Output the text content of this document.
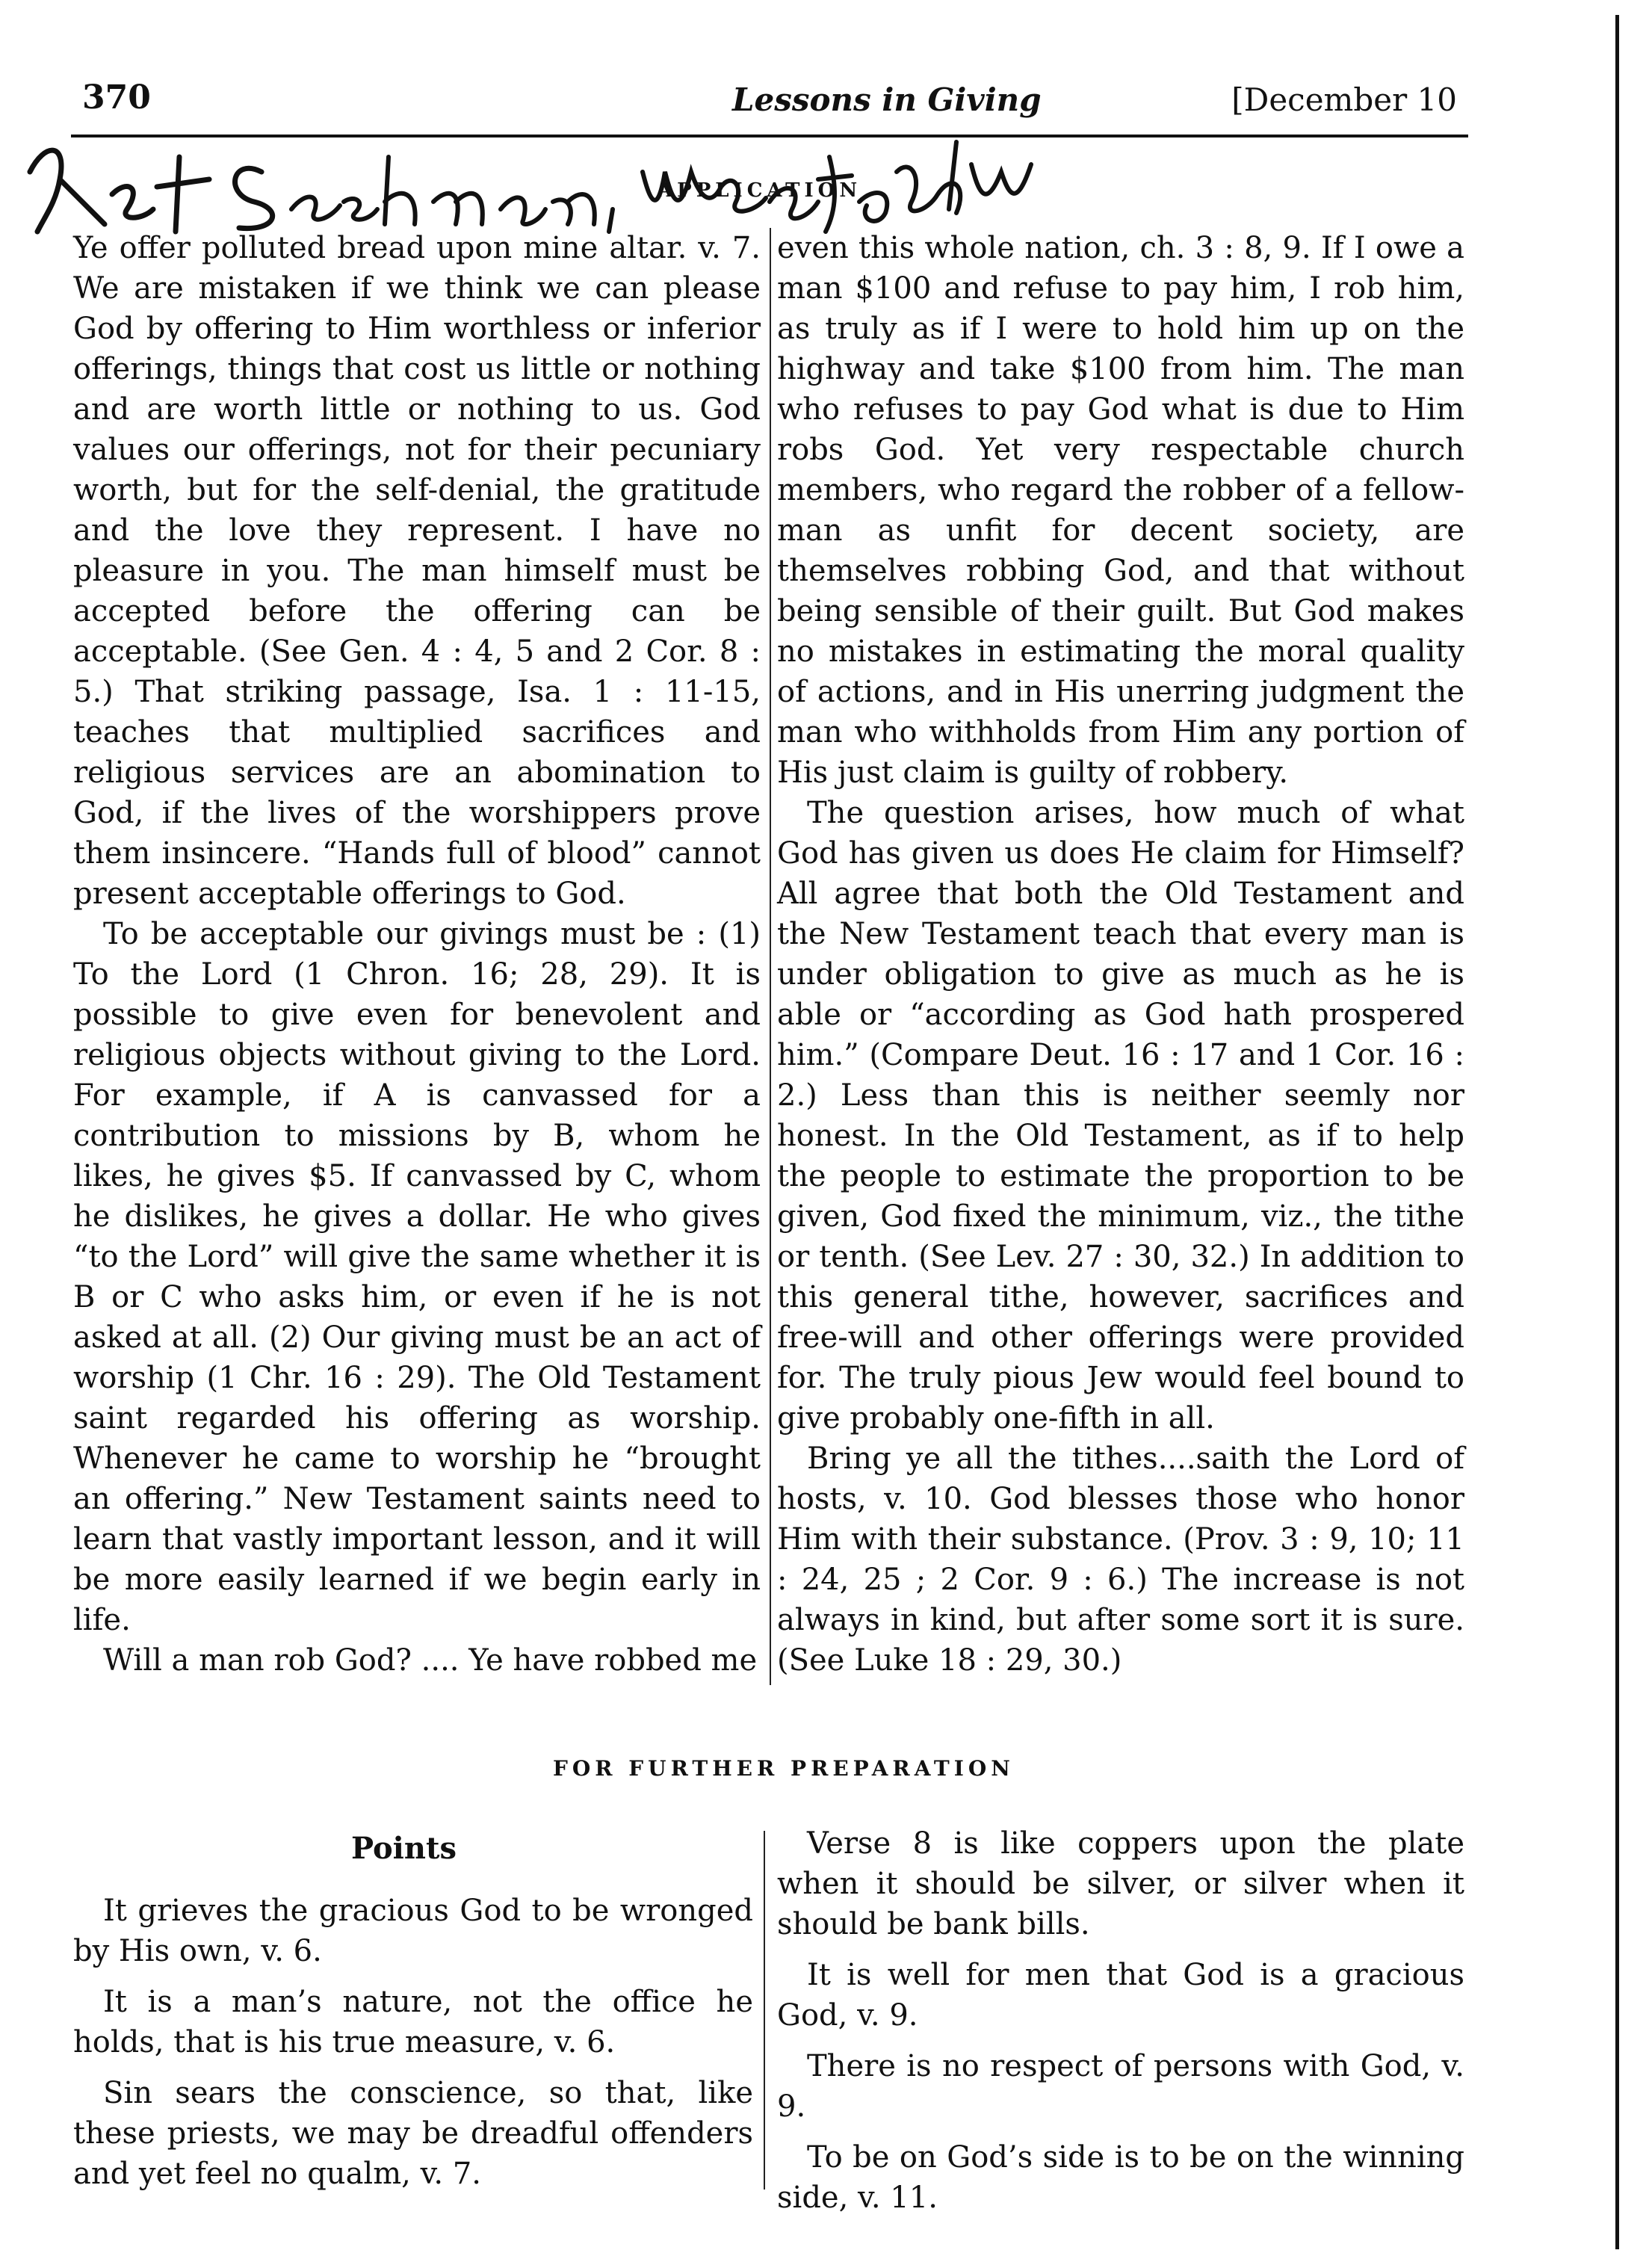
370	Lessons in Giving	[December 10
APPLICATION

Ye offer polluted bread upon mine altar. v. 7. We are mistaken if we think we can please God by offering to Him worthless or inferior offerings, things that cost us little or nothing and are worth little or nothing to us. God values our offerings, not for their pecuniary worth, but for the self-denial, the gratitude and the love they represent. I have no pleasure in you. The man himself must be accepted before the offering can be acceptable. (See Gen. 4 : 4, 5 and 2 Cor. 8 : 5.) That striking passage, Isa. 1 : 11-15, teaches that multiplied sacrifices and religious services are an abomination to God, if the lives of the worshippers prove them insincere. “Hands full of blood” cannot present acceptable offerings to God.

To be acceptable our givings must be : (1) To the Lord (1 Chron. 16; 28, 29). It is possible to give even for benevolent and religious objects without giving to the Lord. For example, if A is canvassed for a contribution to missions by B, whom he likes, he gives $5. If canvassed by C, whom he dislikes, he gives a dollar. He who gives “to the Lord” will give the same whether it is B or C who asks him, or even if he is not asked at all. (2) Our giving must be an act of worship (1 Chr. 16 : 29). The Old Testament saint regarded his offering as worship. Whenever he came to worship he “brought an offering.” New Testament saints need to learn that vastly important lesson, and it will be more easily learned if we begin early in life.

Will a man rob God? .... Ye have robbed me

even this whole nation, ch. 3 : 8, 9. If I owe a man $100 and refuse to pay him, I rob him, as truly as if I were to hold him up on the highway and take $100 from him. The man who refuses to pay God what is due to Him robs God. Yet very respectable church members, who regard the robber of a fellow-man as unfit for decent society, are themselves robbing God, and that without being sensible of their guilt. But God makes no mistakes in estimating the moral quality of actions, and in His unerring judgment the man who withholds from Him any portion of His just claim is guilty of robbery.

The question arises, how much of what God has given us does He claim for Himself? All agree that both the Old Testament and the New Testament teach that every man is under obligation to give as much as he is able or “according as God hath prospered him.” (Compare Deut. 16 : 17 and 1 Cor. 16 : 2.) Less than this is neither seemly nor honest. In the Old Testament, as if to help the people to estimate the proportion to be given, God fixed the minimum, viz., the tithe or tenth. (See Lev. 27 : 30, 32.) In addition to this general tithe, however, sacrifices and free-will and other offerings were provided for. The truly pious Jew would feel bound to give probably one-fifth in all.

Bring ye all the tithes....saith the Lord of hosts, v. 10. God blesses those who honor Him with their substance. (Prov. 3 : 9, 10; 11 : 24, 25 ; 2 Cor. 9 : 6.) The increase is not always in kind, but after some sort it is sure. (See Luke 18 : 29, 30.)

FOR FURTHER PREPARATION
Points

It grieves the gracious God to be wronged by His own, v. 6.

It is a man’s nature, not the office he holds, that is his true measure, v. 6.

Sin sears the conscience, so that, like these priests, we may be dreadful offenders and yet feel no qualm, v. 7.

Verse 8 is like coppers upon the plate when it should be silver, or silver when it should be bank bills.

It is well for men that God is a gracious God, v. 9.

There is no respect of persons with God, v. 9.

To be on God’s side is to be on the winning side, v. 11.
